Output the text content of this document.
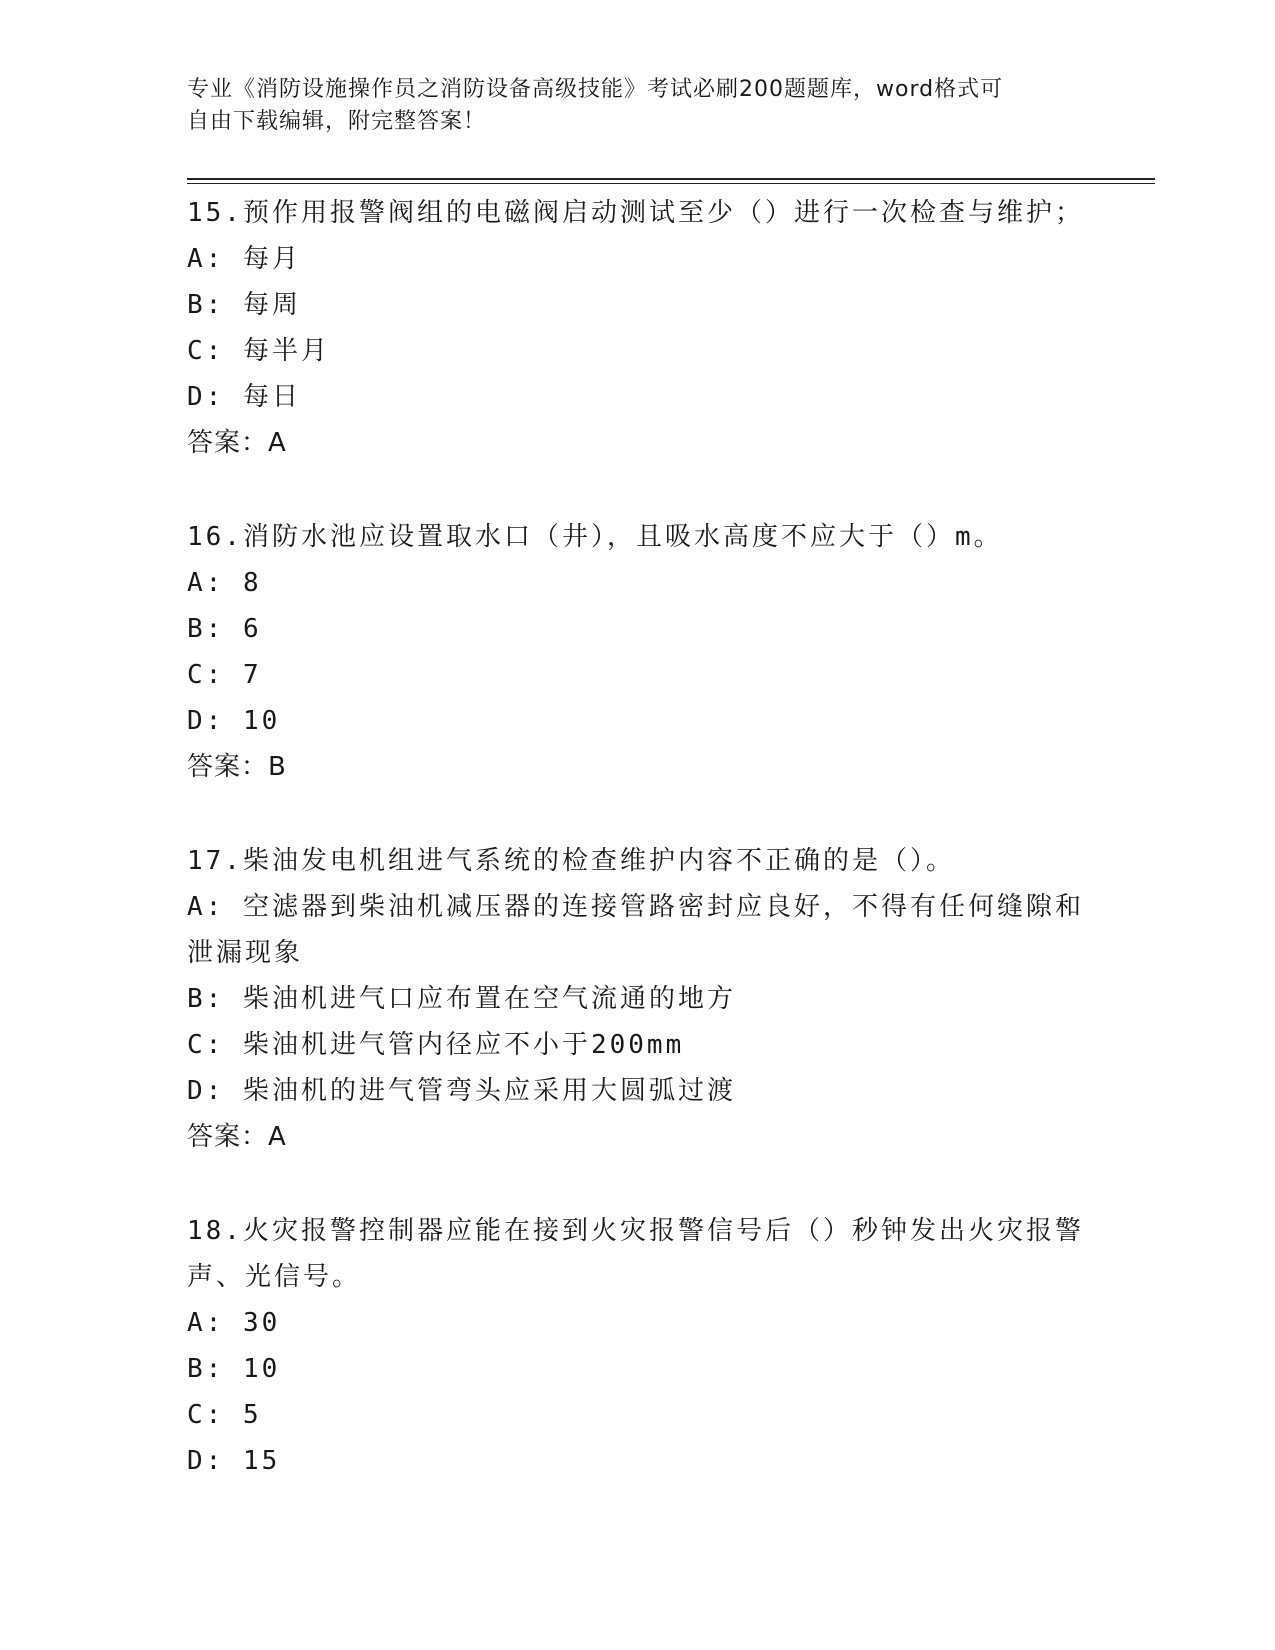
专业《消防设施操作员之消防设备高级技能》考试必刷200题题库，word格式可
自由下载编辑，附完整答案！
15.预作用报警阀组的电磁阀启动测试至少（）进行一次检查与维护；
A: 每月
B: 每周
C: 每半月
D: 每日
答案：A
16.消防水池应设置取水口（井），且吸水高度不应大于（）m。
A: 8
B: 6
C: 7
D: 10
答案：B
17.柴油发电机组进气系统的检查维护内容不正确的是（）。
A: 空滤器到柴油机减压器的连接管路密封应良好，不得有任何缝隙和
泄漏现象
B: 柴油机进气口应布置在空气流通的地方
C: 柴油机进气管内径应不小于200mm
D: 柴油机的进气管弯头应采用大圆弧过渡
答案：A
18.火灾报警控制器应能在接到火灾报警信号后（）秒钟发出火灾报警
声、光信号。
A: 30
B: 10
C: 5
D: 15
